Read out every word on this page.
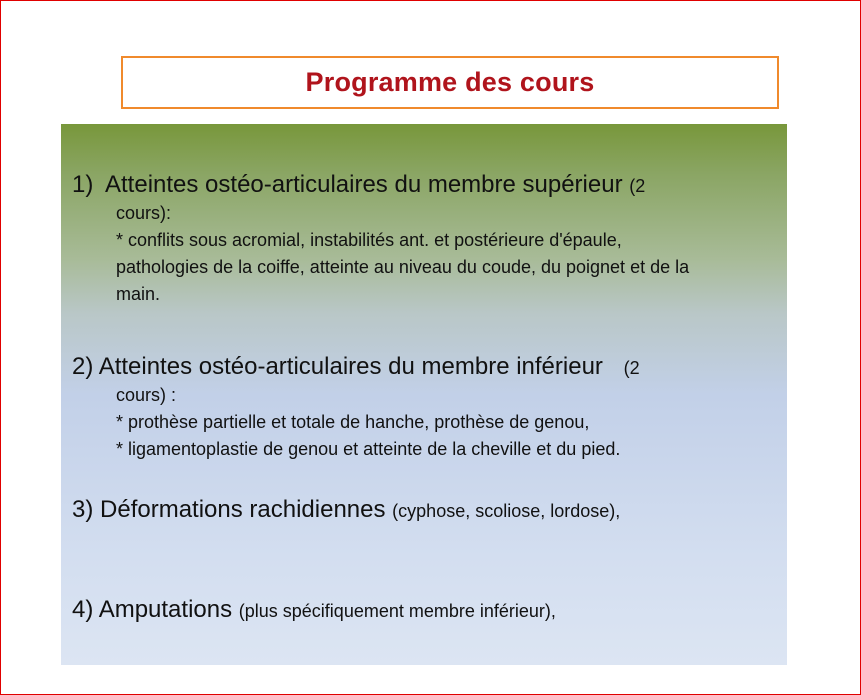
Programme des cours
1) Atteintes ostéo-articulaires du membre supérieur (2
cours):
* conflits sous acromial, instabilités ant. et postérieure d'épaule,
pathologies de la coiffe, atteinte au niveau du coude, du poignet et de la
main.
2) Atteintes ostéo-articulaires du membre inférieur (2
cours) :
* prothèse partielle et totale de hanche, prothèse de genou,
* ligamentoplastie de genou et atteinte de la cheville et du pied.
3) Déformations rachidiennes (cyphose, scoliose, lordose),
4) Amputations (plus spécifiquement membre inférieur),
